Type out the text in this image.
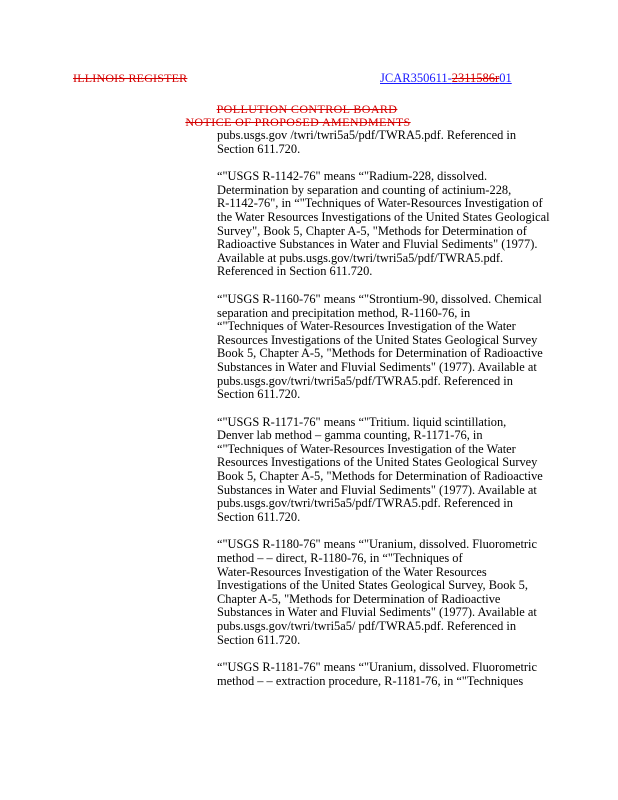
ILLINOIS REGISTER	JCAR350611-2311586r01
POLLUTION CONTROL BOARD
NOTICE OF PROPOSED AMENDMENTS
pubs.usgs.gov /twri/twri5a5/pdf/TWRA5.pdf. Referenced in
Section 611.720.
“"USGS R-1142-76" means “"Radium-228, dissolved.
Determination by separation and counting of actinium-228,
R-1142-76", in “"Techniques of Water-Resources Investigation of
the Water Resources Investigations of the United States Geological
Survey", Book 5, Chapter A-5, "Methods for Determination of
Radioactive Substances in Water and Fluvial Sediments" (1977).
Available at pubs.usgs.gov/twri/twri5a5/pdf/TWRA5.pdf.
Referenced in Section 611.720.
“"USGS R-1160-76" means “"Strontium-90, dissolved. Chemical
separation and precipitation method, R-1160-76, in
“"Techniques of Water-Resources Investigation of the Water
Resources Investigations of the United States Geological Survey
Book 5, Chapter A-5, "Methods for Determination of Radioactive
Substances in Water and Fluvial Sediments" (1977). Available at
pubs.usgs.gov/twri/twri5a5/pdf/TWRA5.pdf. Referenced in
Section 611.720.
“"USGS R-1171-76" means “"Tritium. liquid scintillation,
Denver lab method – gamma counting, R-1171-76, in
“"Techniques of Water-Resources Investigation of the Water
Resources Investigations of the United States Geological Survey
Book 5, Chapter A-5, "Methods for Determination of Radioactive
Substances in Water and Fluvial Sediments" (1977). Available at
pubs.usgs.gov/twri/twri5a5/pdf/TWRA5.pdf. Referenced in
Section 611.720.
“"USGS R-1180-76" means “"Uranium, dissolved. Fluorometric
method – – direct, R-1180-76, in “"Techniques of
Water-Resources Investigation of the Water Resources
Investigations of the United States Geological Survey, Book 5,
Chapter A-5, "Methods for Determination of Radioactive
Substances in Water and Fluvial Sediments" (1977). Available at
pubs.usgs.gov/twri/twri5a5/ pdf/TWRA5.pdf. Referenced in
Section 611.720.
“"USGS R-1181-76" means “"Uranium, dissolved. Fluorometric
method – – extraction procedure, R-1181-76, in “"Techniques
